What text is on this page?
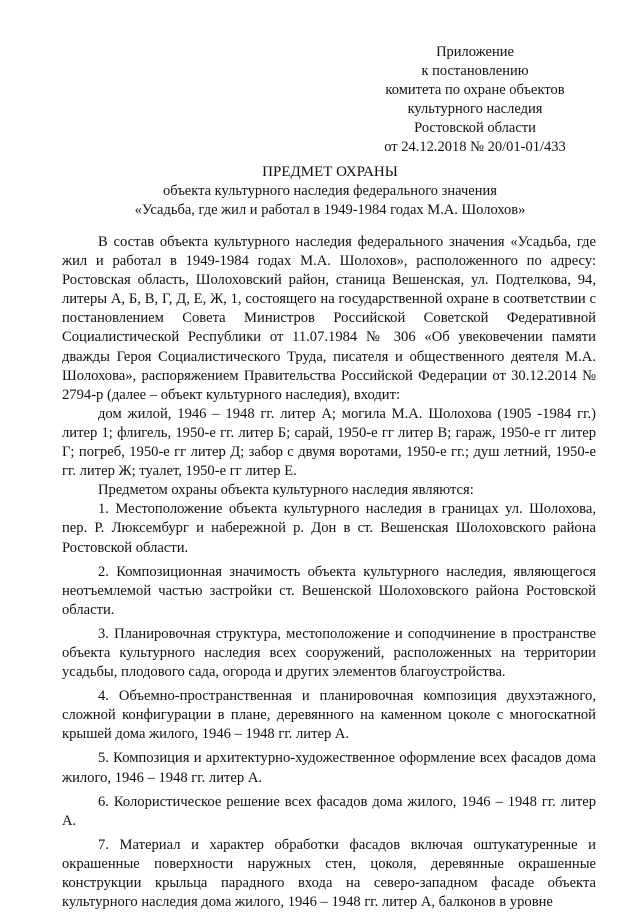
Приложение
к постановлению
комитета по охране объектов
культурного наследия
Ростовской области
от 24.12.2018 № 20/01-01/433
ПРЕДМЕТ ОХРАНЫ
объекта культурного наследия федерального значения
«Усадьба, где жил и работал в 1949-1984 годах М.А. Шолохов»

В состав объекта культурного наследия федерального значения «Усадьба, где жил и работал в 1949-1984 годах М.А. Шолохов», расположенного по адресу: Ростовская область, Шолоховский район, станица Вешенская, ул. Подтелкова, 94, литеры А, Б, В, Г, Д, Е, Ж, 1, состоящего на государственной охране в соответствии с постановлением Совета Министров Российской Советской Федеративной Социалистической Республики от 11.07.1984 № 306 «Об увековечении памяти дважды Героя Социалистического Труда, писателя и общественного деятеля М.А. Шолохова», распоряжением Правительства Российской Федерации от 30.12.2014 № 2794-р (далее – объект культурного наследия), входит:

дом жилой, 1946 – 1948 гг. литер А; могила М.А. Шолохова (1905 -1984 гг.) литер 1; флигель, 1950-е гг. литер Б; сарай, 1950-е гг литер В; гараж, 1950-е гг литер Г; погреб, 1950-е гг литер Д; забор с двумя воротами, 1950-е гг.; душ летний, 1950-е гг. литер Ж; туалет, 1950-е гг литер Е.

Предметом охраны объекта культурного наследия являются:

1. Местоположение объекта культурного наследия в границах ул. Шолохова, пер. Р. Люксембург и набережной р. Дон в ст. Вешенская Шолоховского района Ростовской области.

2. Композиционная значимость объекта культурного наследия, являющегося неотъемлемой частью застройки ст. Вешенской Шолоховского района Ростовской области.

3. Планировочная структура, местоположение и соподчинение в пространстве объекта культурного наследия всех сооружений, расположенных на территории усадьбы, плодового сада, огорода и других элементов благоустройства.

4. Объемно-пространственная и планировочная композиция двухэтажного, сложной конфигурации в плане, деревянного на каменном цоколе с многоскатной крышей дома жилого, 1946 – 1948 гг. литер А.

5. Композиция и архитектурно-художественное оформление всех фасадов дома жилого, 1946 – 1948 гг. литер А.

6. Колористическое решение всех фасадов дома жилого, 1946 – 1948 гг. литер А.

7. Материал и характер обработки фасадов включая оштукатуренные и окрашенные поверхности наружных стен, цоколя, деревянные окрашенные конструкции крыльца парадного входа на северо-западном фасаде объекта культурного наследия дома жилого, 1946 – 1948 гг. литер А, балконов в уровне
